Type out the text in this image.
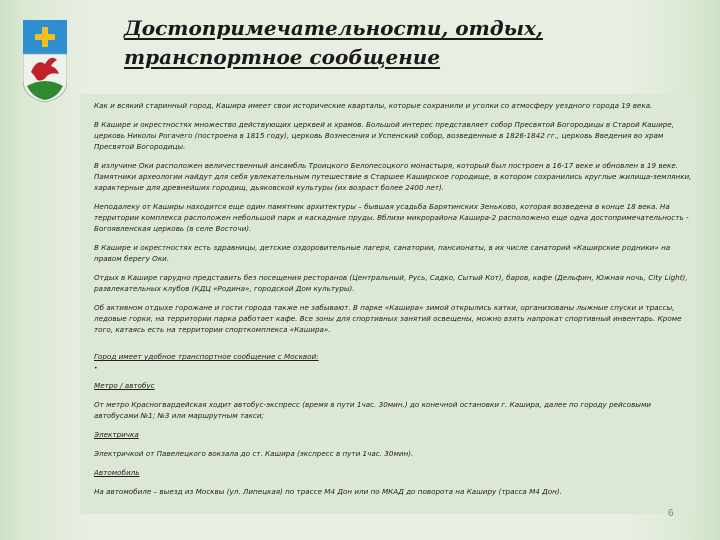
Достопримечательности, отдых, транспортное сообщение

Как и всякий старинный город, Кашира имеет свои исторические кварталы, которые сохранили и уголки со атмосферу уездного города 19 века.

В Кашире и окрестностях множество действующих церквей и храмов. Большой интерес представляет собор Пресвятой Богородицы в Старой Кашире, церковь Николы Рогачего (построена в 1815 году), церковь Вознесения и Успенский собор, возведенные в 1826-1842 гг., церковь Введения во храм Пресвятой Богородицы.

В излучине Оки расположен величественный ансамбль Троицкого Белопесоцкого монастыря, который был построен в 16-17 веке и обновлен в 19 веке. Памятники археологии найдут для себя увлекательным путешествие в Старшее Каширское городище, в котором сохранились круглые жилища-землянки, характерные для древнейших городищ, дьяковской культуры (их возраст более 2400 лет).

Неподалеку от Каширы находится еще один памятник архитектуры – бывшая усадьба Барятинских Зеньково, которая возведена в конце 18 века. На территории комплекса расположен небольшой парк и каскадные пруды. Вблизи микрорайона Кашира-2 расположено еще одна достопримечательность - Богоявленская церковь (в селе Восточи).

В Кашире и окрестностях есть здравницы, детские оздоровительные лагеря, санатории, пансионаты, в их числе санаторий «Каширские родники» на правом берегу Оки.

Отдых в Кашире гарудно представить без посещения ресторанов (Центральный, Русь, Садко, Сытый Кот), баров, кафе (Дельфин, Южная ночь, City Light), развлекательных клубов (КДЦ «Родина», городской Дом культуры).

Об активном отдыхе горожане и гости города также не забывают. В парке «Кашира» зимой открылись катки, организованы лыжные спуски и трассы, ледовые горки, на территории парка работает кафе. Все зоны для спортивных занятий освещены, можно взять напрокат спортивный инвентарь. Кроме того, катаясь есть на территории спорткомплекса «Кашира».

Город имеет удобное транспортное сообщение с Москвой:

•

Метро / автобус

От метро Красногвардейская ходит автобус-экспресс (время в пути 1час. 30мин.) до конечной остановки г. Кашира, далее по городу рейсовыми автобусами №1; №3 или маршрутным такси;

Электричка

Электричкой от Павелецкого вокзала до ст. Кашира (экспресс в пути 1час. 30мин).

Автомобиль

На автомобиле – выезд из Москвы (ул. Липецкая) по трассе М4 Дон или по МКАД до поворота на Каширу (трасса М4 Дон).

6
